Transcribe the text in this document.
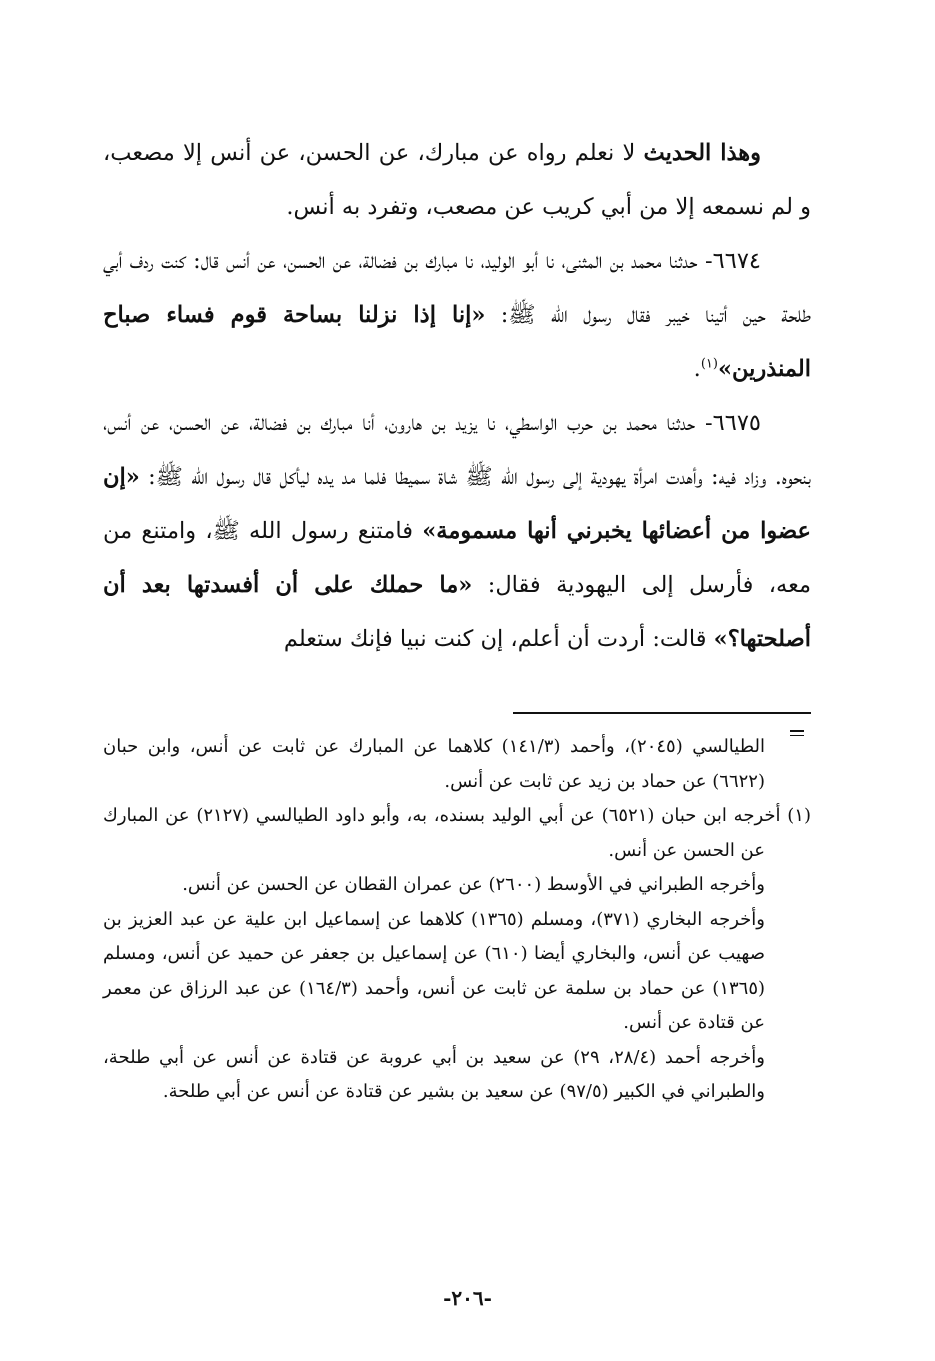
وهذا الحديث لا نعلم رواه عن مبارك، عن الحسن، عن أنس إلا مصعب، و لم نسمعه إلا من أبي كريب عن مصعب، وتفرد به أنس.

٦٦٧٤- حدثنا محمد بن المثنى، نا أبو الوليد، نا مبارك بن فضالة، عن الحسن، عن أنس قال: كنت ردف أبي طلحة حين أتينا خيبر فقال رسول الله ﷺ: «إنا إذا نزلنا بساحة قوم فساء صباح المنذرين»$^{(١)}$.

٦٦٧٥- حدثنا محمد بن حرب الواسطي، نا يزيد بن هارون، أنا مبارك بن فضالة، عن الحسن، عن أنس، بنحوه. وزاد فيه: وأهدت امرأة يهودية إلى رسول الله ﷺ شاة سميطا فلما مد يده ليأكل قال رسول الله ﷺ: «إن عضوا من أعضائها يخبرني أنها مسمومة» فامتنع رسول الله ﷺ، وامتنع من معه، فأرسل إلى اليهودية فقال: «ما حملك على أن أفسدتها بعد أن أصلحتها؟» قالت: أردت أن أعلم، إن كنت نبيا فإنك ستعلم

الطيالسي (٢٠٤٥)، وأحمد (١٤١/٣) كلاهما عن المبارك عن ثابت عن أنس، وابن حبان (٦٦٢٢) عن حماد بن زيد عن ثابت عن أنس.

(١) أخرجه ابن حبان (٦٥٢١) عن أبي الوليد بسنده، به، وأبو داود الطيالسي (٢١٢٧) عن المبارك عن الحسن عن أنس.

وأخرجه الطبراني في الأوسط (٢٦٠٠) عن عمران القطان عن الحسن عن أنس.

وأخرجه البخاري (٣٧١)، ومسلم (١٣٦٥) كلاهما عن إسماعيل ابن علية عن عبد العزيز بن صهيب عن أنس، والبخاري أيضا (٦١٠) عن إسماعيل بن جعفر عن حميد عن أنس، ومسلم (١٣٦٥) عن حماد بن سلمة عن ثابت عن أنس، وأحمد (١٦٤/٣) عن عبد الرزاق عن معمر عن قتادة عن أنس.

وأخرجه أحمد (٢٨/٤، ٢٩) عن سعيد بن أبي عروبة عن قتادة عن أنس عن أبي طلحة، والطبراني في الكبير (٩٧/٥) عن سعيد بن بشير عن قتادة عن أنس عن أبي طلحة.

-٢٠٦-
